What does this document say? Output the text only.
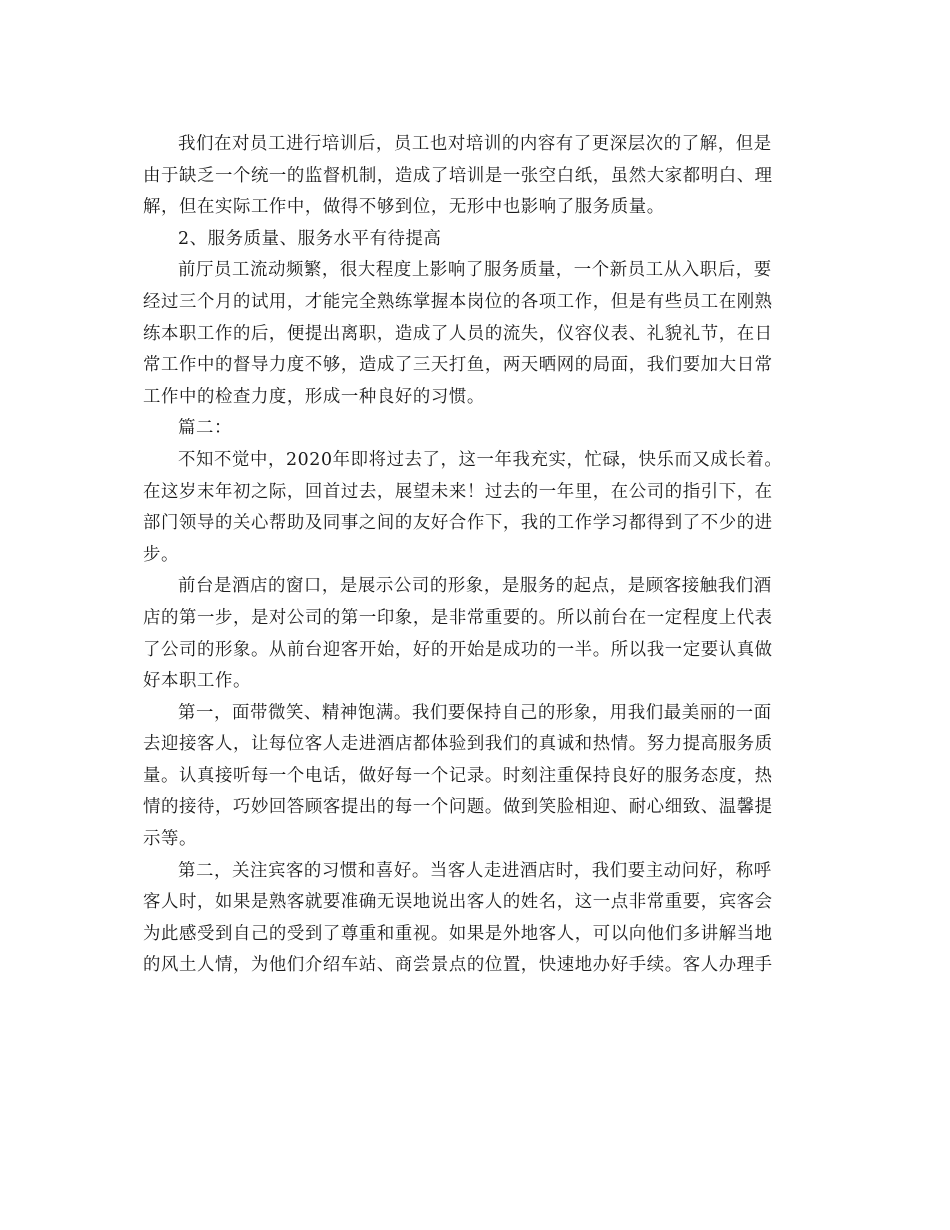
我们在对员工进行培训后，员工也对培训的内容有了更深层次的了解，但是
由于缺乏一个统一的监督机制，造成了培训是一张空白纸，虽然大家都明白、理
解，但在实际工作中，做得不够到位，无形中也影响了服务质量。
2、服务质量、服务水平有待提高
前厅员工流动频繁，很大程度上影响了服务质量，一个新员工从入职后，要
经过三个月的试用，才能完全熟练掌握本岗位的各项工作，但是有些员工在刚熟
练本职工作的后，便提出离职，造成了人员的流失，仪容仪表、礼貌礼节，在日
常工作中的督导力度不够，造成了三天打鱼，两天晒网的局面，我们要加大日常
工作中的检查力度，形成一种良好的习惯。
篇二：
不知不觉中，2020年即将过去了，这一年我充实，忙碌，快乐而又成长着。
在这岁末年初之际，回首过去，展望未来！过去的一年里，在公司的指引下，在
部门领导的关心帮助及同事之间的友好合作下，我的工作学习都得到了不少的进
步。
前台是酒店的窗口，是展示公司的形象，是服务的起点，是顾客接触我们酒
店的第一步，是对公司的第一印象，是非常重要的。所以前台在一定程度上代表
了公司的形象。从前台迎客开始，好的开始是成功的一半。所以我一定要认真做
好本职工作。
第一，面带微笑、精神饱满。我们要保持自己的形象，用我们最美丽的一面
去迎接客人，让每位客人走进酒店都体验到我们的真诚和热情。努力提高服务质
量。认真接听每一个电话，做好每一个记录。时刻注重保持良好的服务态度，热
情的接待，巧妙回答顾客提出的每一个问题。做到笑脸相迎、耐心细致、温馨提
示等。
第二，关注宾客的习惯和喜好。当客人走进酒店时，我们要主动问好，称呼
客人时，如果是熟客就要准确无误地说出客人的姓名，这一点非常重要，宾客会
为此感受到自己的受到了尊重和重视。如果是外地客人，可以向他们多讲解当地
的风土人情，为他们介绍车站、商尝景点的位置，快速地办好手续。客人办理手
